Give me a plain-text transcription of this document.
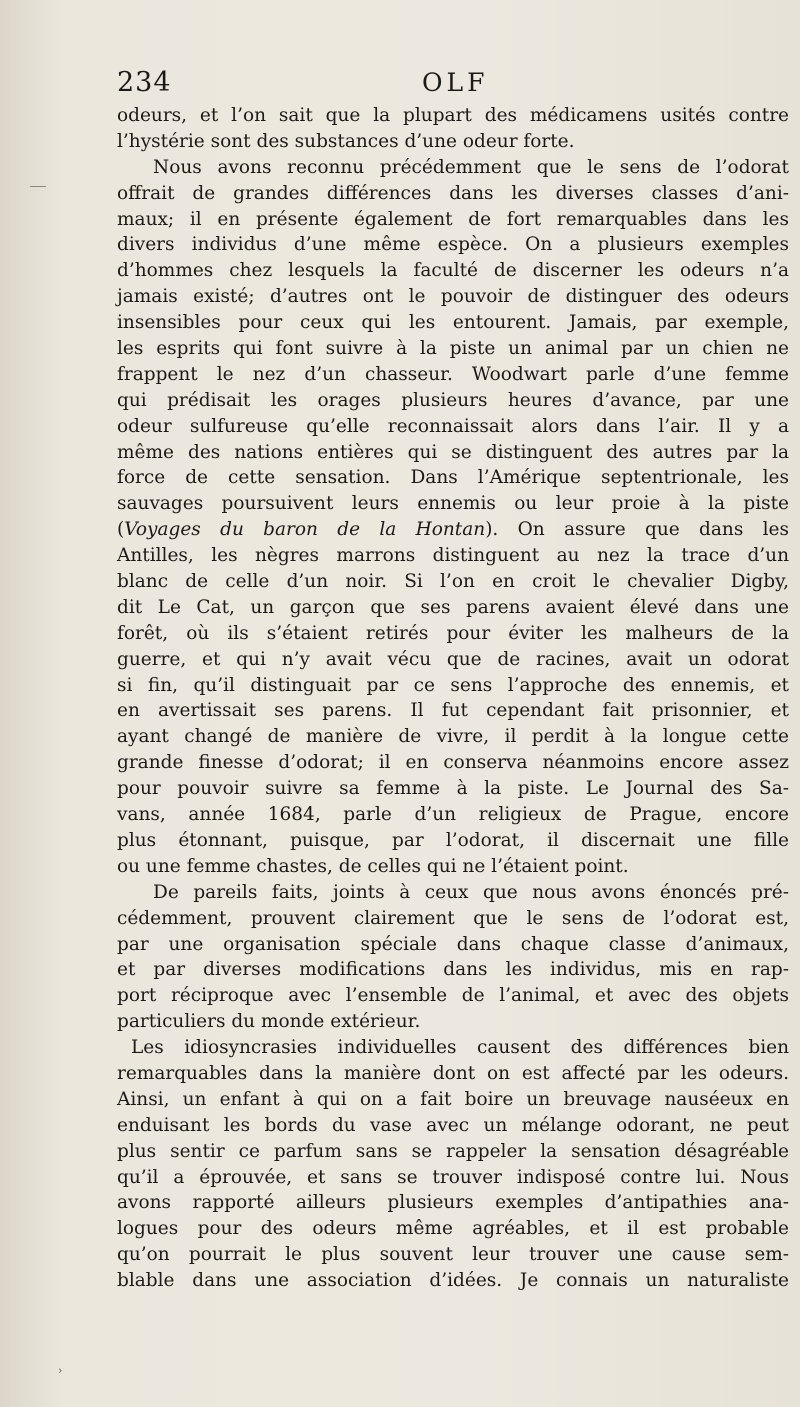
234	OLF
odeurs, et l’on sait que la plupart des médicamens usités contre
l’hystérie sont des substances d’une odeur forte.
Nous avons reconnu précédemment que le sens de l’odorat
offrait de grandes différences dans les diverses classes d’ani-
maux; il en présente également de fort remarquables dans les
divers individus d’une même espèce. On a plusieurs exemples
d’hommes chez lesquels la faculté de discerner les odeurs n’a
jamais existé; d’autres ont le pouvoir de distinguer des odeurs
insensibles pour ceux qui les entourent. Jamais, par exemple,
les esprits qui font suivre à la piste un animal par un chien ne
frappent le nez d’un chasseur. Woodwart parle d’une femme
qui prédisait les orages plusieurs heures d’avance, par une
odeur sulfureuse qu’elle reconnaissait alors dans l’air. Il y a
même des nations entières qui se distinguent des autres par la
force de cette sensation. Dans l’Amérique septentrionale, les
sauvages poursuivent leurs ennemis ou leur proie à la piste
(Voyages du baron de la Hontan). On assure que dans les
Antilles, les nègres marrons distinguent au nez la trace d’un
blanc de celle d’un noir. Si l’on en croit le chevalier Digby,
dit Le Cat, un garçon que ses parens avaient élevé dans une
forêt, où ils s’étaient retirés pour éviter les malheurs de la
guerre, et qui n’y avait vécu que de racines, avait un odorat
si fin, qu’il distinguait par ce sens l’approche des ennemis, et
en avertissait ses parens. Il fut cependant fait prisonnier, et
ayant changé de manière de vivre, il perdit à la longue cette
grande finesse d’odorat; il en conserva néanmoins encore assez
pour pouvoir suivre sa femme à la piste. Le Journal des Sa-
vans, année 1684, parle d’un religieux de Prague, encore
plus étonnant, puisque, par l’odorat, il discernait une fille
ou une femme chastes, de celles qui ne l’étaient point.
De pareils faits, joints à ceux que nous avons énoncés pré-
cédemment, prouvent clairement que le sens de l’odorat est,
par une organisation spéciale dans chaque classe d’animaux,
et par diverses modifications dans les individus, mis en rap-
port réciproque avec l’ensemble de l’animal, et avec des objets
particuliers du monde extérieur.
Les idiosyncrasies individuelles causent des différences bien
remarquables dans la manière dont on est affecté par les odeurs.
Ainsi, un enfant à qui on a fait boire un breuvage nauséeux en
enduisant les bords du vase avec un mélange odorant, ne peut
plus sentir ce parfum sans se rappeler la sensation désagréable
qu’il a éprouvée, et sans se trouver indisposé contre lui. Nous
avons rapporté ailleurs plusieurs exemples d’antipathies ana-
logues pour des odeurs même agréables, et il est probable
qu’on pourrait le plus souvent leur trouver une cause sem-
blable dans une association d’idées. Je connais un naturaliste
›
